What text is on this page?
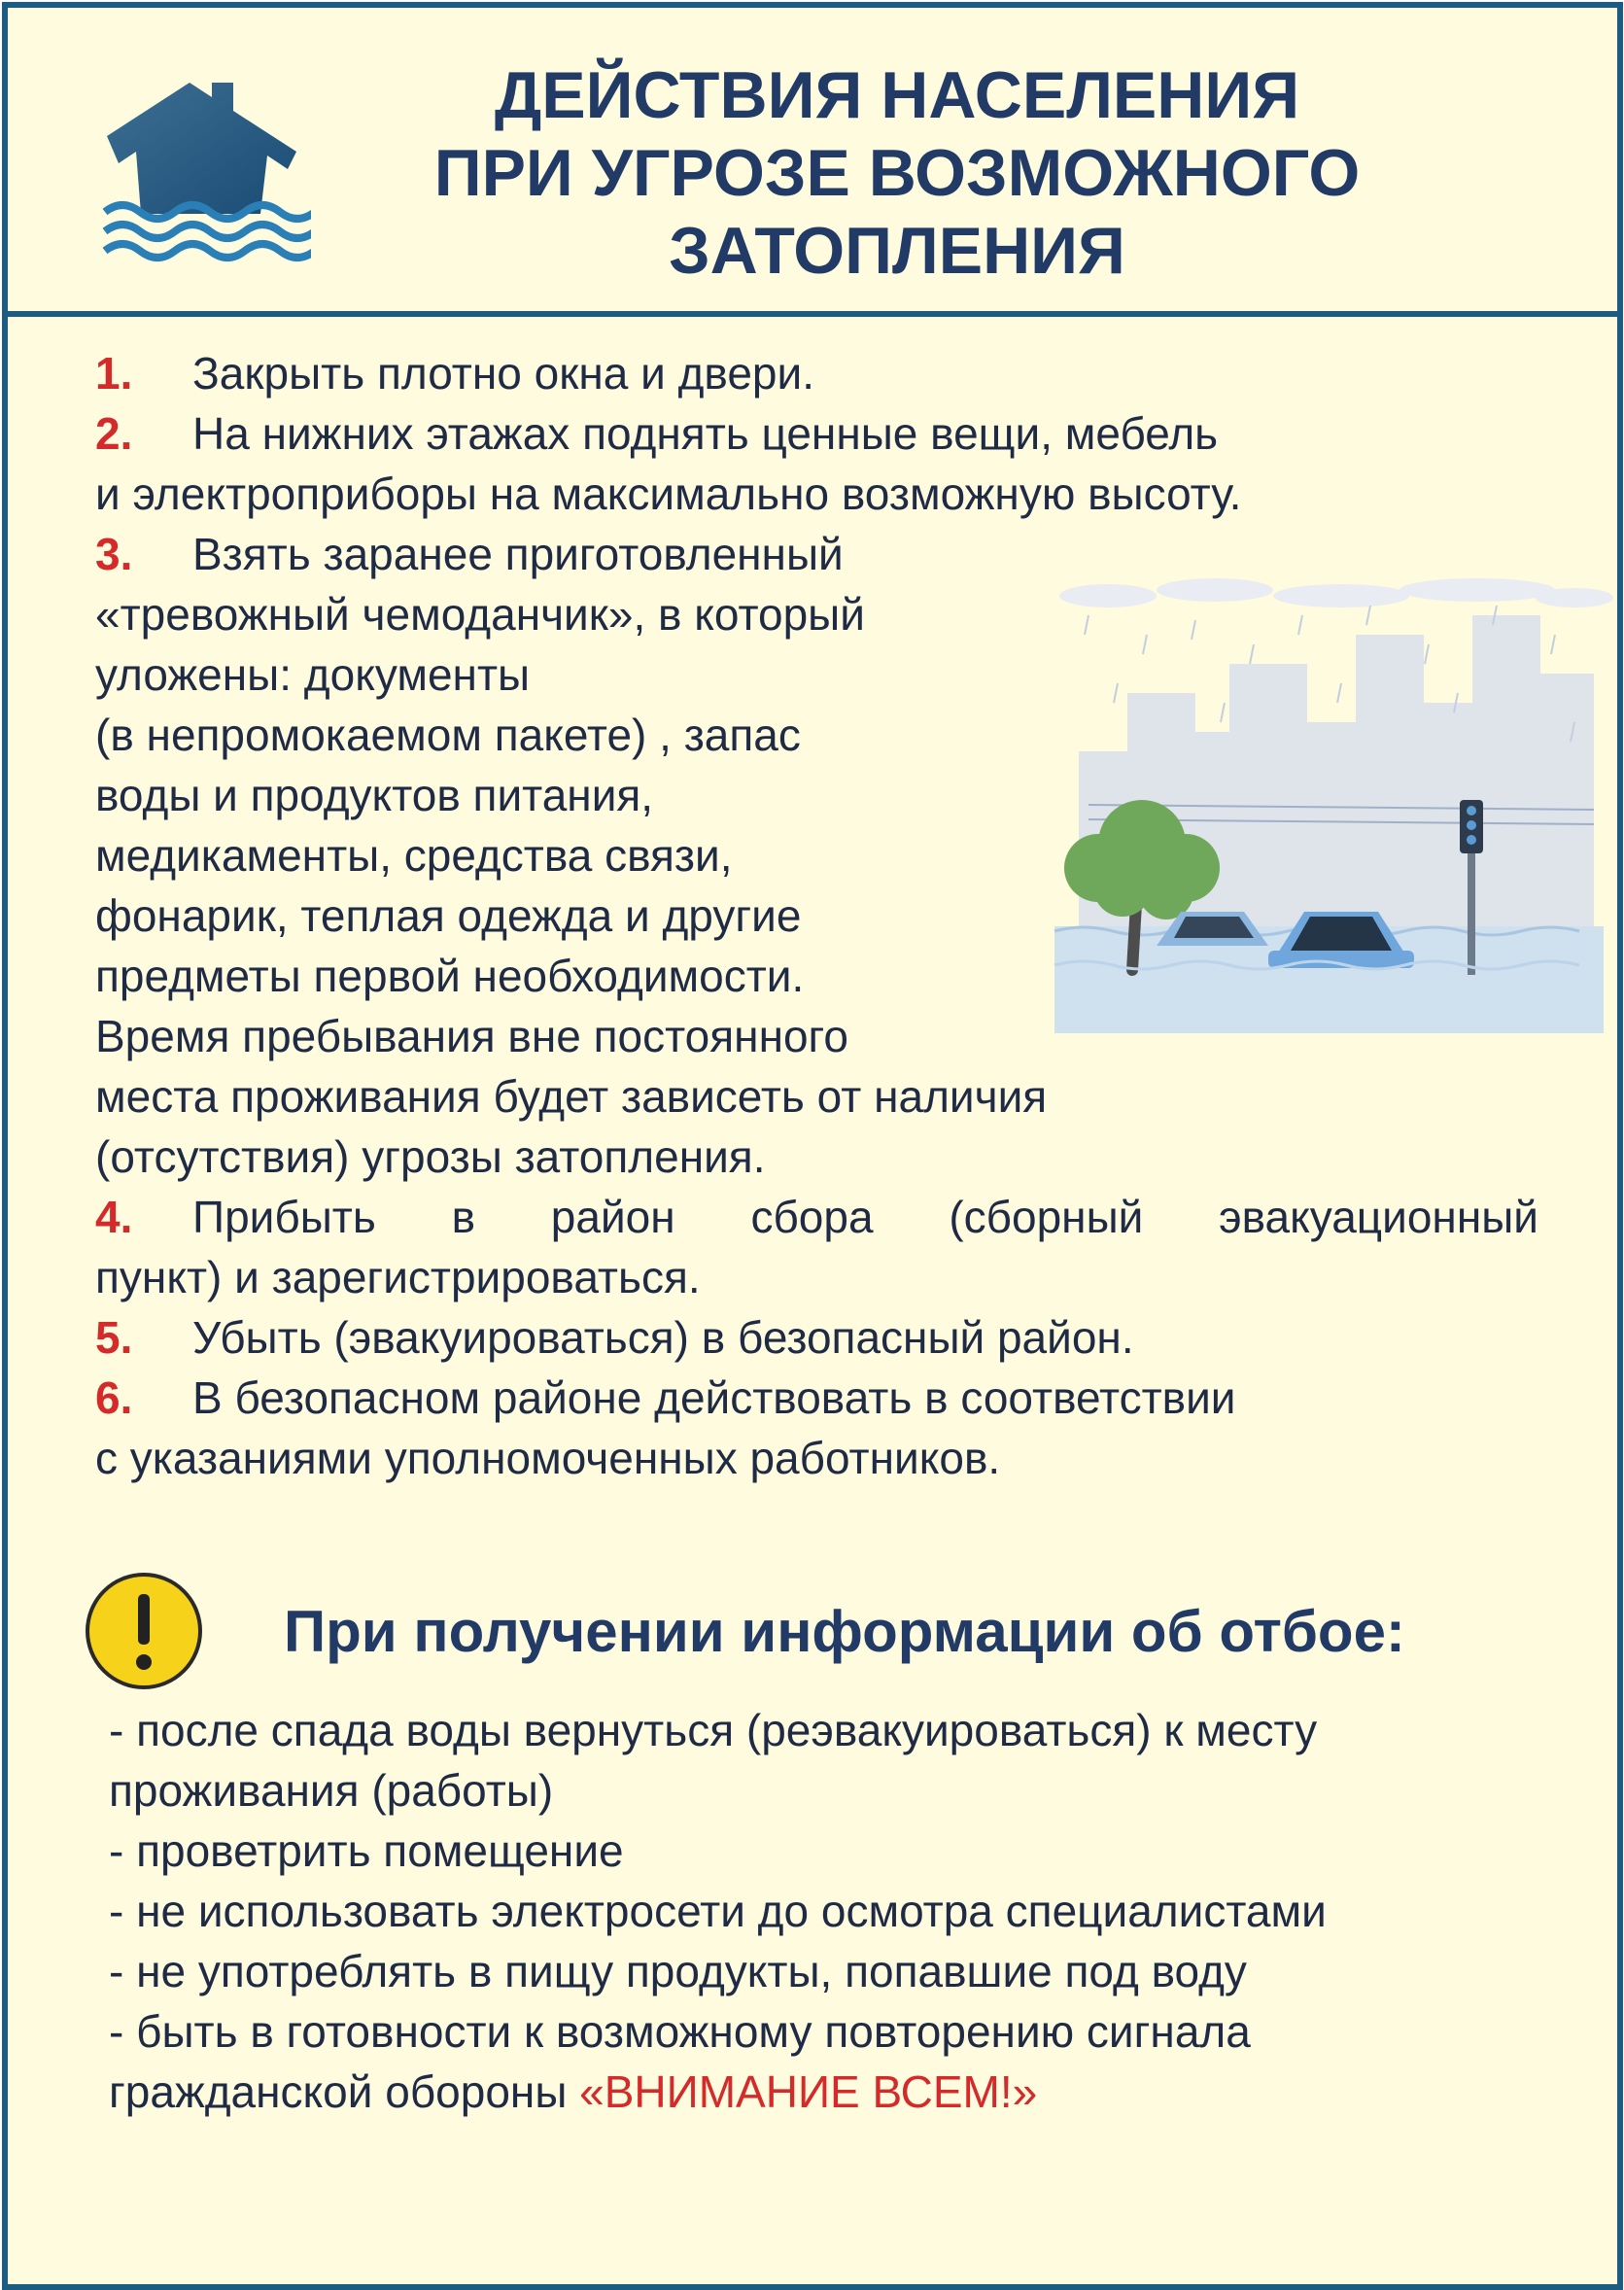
ДЕЙСТВИЯ НАСЕЛЕНИЯ
ПРИ УГРОЗЕ ВОЗМОЖНОГО
ЗАТОПЛЕНИЯ

1. Закрыть плотно окна и двери.

2. На нижних этажах поднять ценные вещи, мебель

и электроприборы на максимально возможную высоту.

3. Взять заранее приготовленный

«тревожный чемоданчик», в который

уложены: документы

(в непромокаемом пакете) , запас

воды и продуктов питания,

медикаменты, средства связи,

фонарик, теплая одежда и другие

предметы первой необходимости.

Время пребывания вне постоянного

места проживания будет зависеть от наличия

(отсутствия) угрозы затопления.

4. Прибыть в район сбора (сборный эвакуационный

пункт) и зарегистрироваться.

5. Убыть (эвакуироваться) в безопасный район.

6. В безопасном районе действовать в соответствии

с указаниями уполномоченных работников.

При получении информации об отбое:

- после спада воды вернуться (реэвакуироваться) к месту

проживания (работы)

- проветрить помещение

- не использовать электросети до осмотра специалистами

- не употреблять в пищу продукты, попавшие под воду

- быть в готовности к возможному повторению сигнала

гражданской обороны «ВНИМАНИЕ ВСЕМ!»
